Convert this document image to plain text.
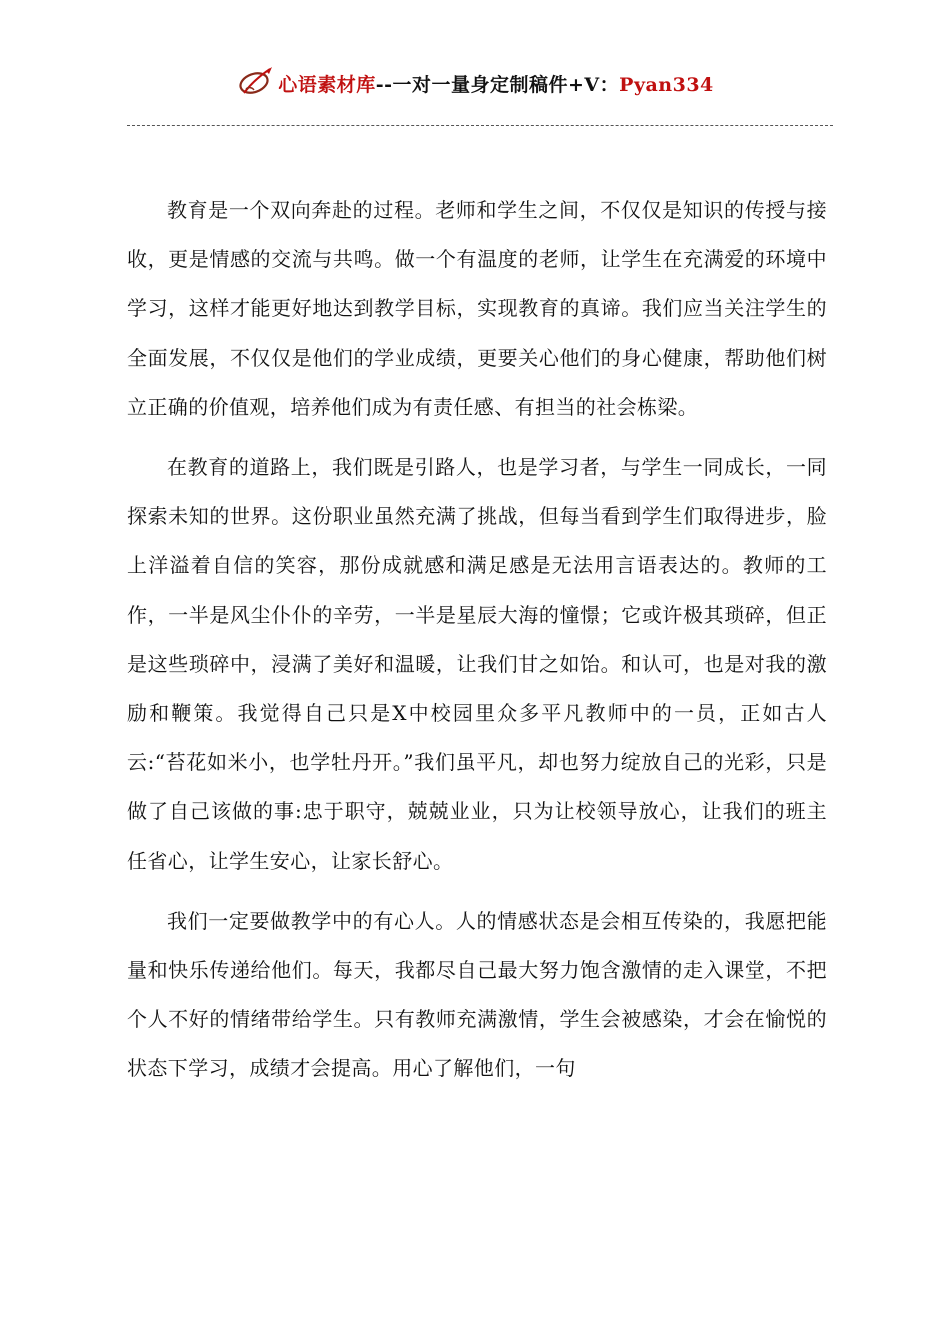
心语素材库--一对一量身定制稿件+V：Pyan334

教育是一个双向奔赴的过程。老师和学生之间，不仅仅是知识的传授与接收，更是情感的交流与共鸣。做一个有温度的老师，让学生在充满爱的环境中学习，这样才能更好地达到教学目标，实现教育的真谛。我们应当关注学生的全面发展，不仅仅是他们的学业成绩，更要关心他们的身心健康，帮助他们树立正确的价值观，培养他们成为有责任感、有担当的社会栋梁。

在教育的道路上，我们既是引路人，也是学习者，与学生一同成长，一同探索未知的世界。这份职业虽然充满了挑战，但每当看到学生们取得进步，脸上洋溢着自信的笑容，那份成就感和满足感是无法用言语表达的。教师的工作，一半是风尘仆仆的辛劳，一半是星辰大海的憧憬；它或许极其琐碎，但正是这些琐碎中，浸满了美好和温暖，让我们甘之如饴。和认可，也是对我的激励和鞭策。我觉得自己只是X中校园里众多平凡教师中的一员，正如古人云:“苔花如米小，也学牡丹开。”我们虽平凡，却也努力绽放自己的光彩，只是做了自己该做的事:忠于职守，兢兢业业，只为让校领导放心，让我们的班主任省心，让学生安心，让家长舒心。

我们一定要做教学中的有心人。人的情感状态是会相互传染的，我愿把能量和快乐传递给他们。每天，我都尽自己最大努力饱含激情的走入课堂，不把个人不好的情绪带给学生。只有教师充满激情，学生会被感染，才会在愉悦的状态下学习，成绩才会提高。用心了解他们，一句
